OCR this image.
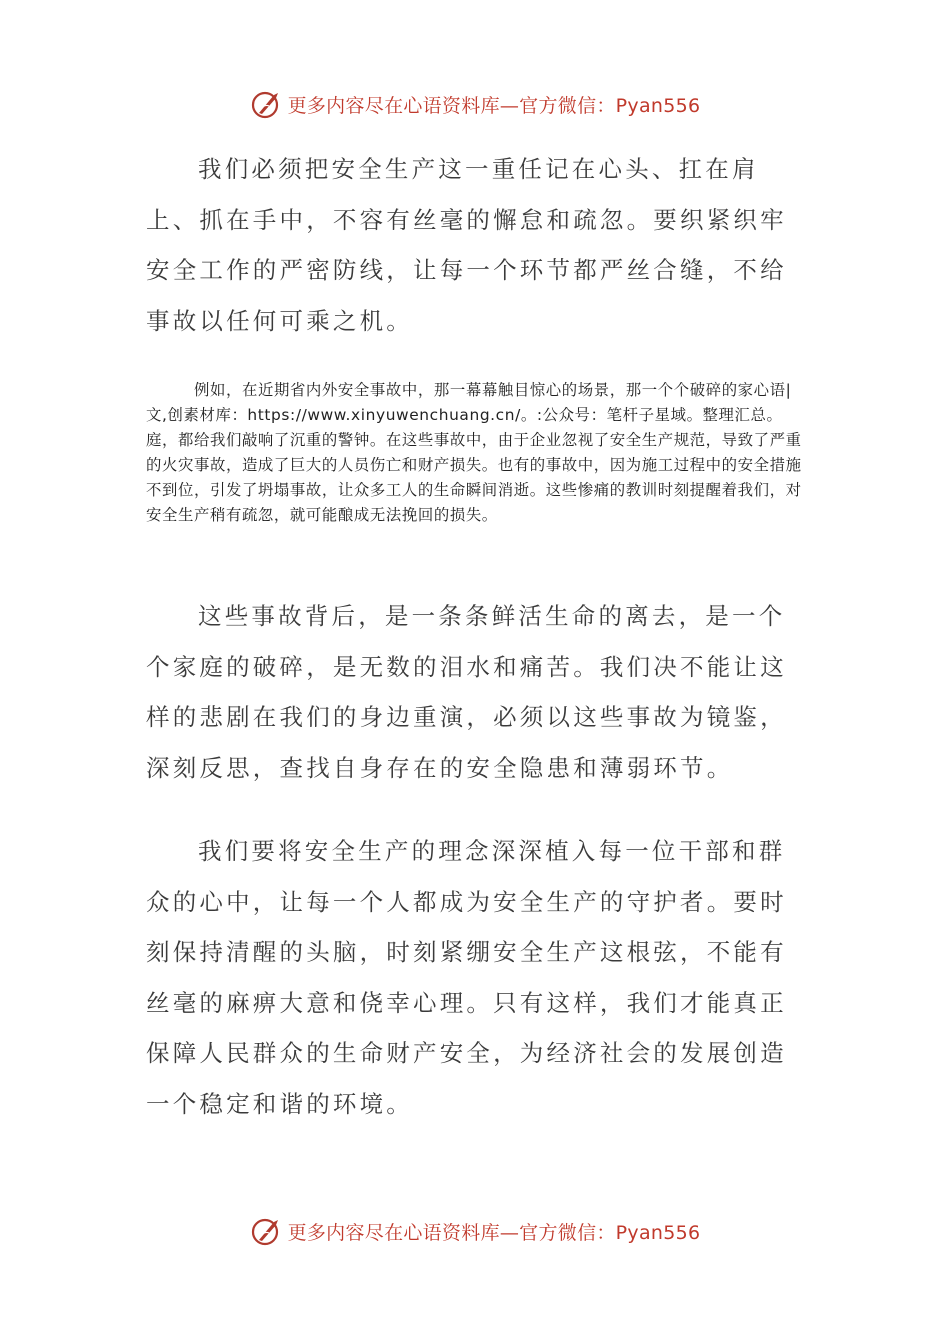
更多内容尽在心语资料库—官方微信：Pyan556

我们必须把安全生产这一重任记在心头、扛在肩上、抓在手中，不容有丝毫的懈怠和疏忽。要织紧织牢安全工作的严密防线，让每一个环节都严丝合缝，不给事故以任何可乘之机。

例如，在近期省内外安全事故中，那一幕幕触目惊心的场景，那一个个破碎的家心语|文,创素材库：https://www.xinyuwenchuang.cn/。:公众号：笔杆子星域。整理汇总。庭，都给我们敲响了沉重的警钟。在这些事故中，由于企业忽视了安全生产规范，导致了严重的火灾事故，造成了巨大的人员伤亡和财产损失。也有的事故中，因为施工过程中的安全措施不到位，引发了坍塌事故，让众多工人的生命瞬间消逝。这些惨痛的教训时刻提醒着我们，对安全生产稍有疏忽，就可能酿成无法挽回的损失。

这些事故背后，是一条条鲜活生命的离去，是一个个家庭的破碎，是无数的泪水和痛苦。我们决不能让这样的悲剧在我们的身边重演，必须以这些事故为镜鉴，深刻反思，查找自身存在的安全隐患和薄弱环节。

我们要将安全生产的理念深深植入每一位干部和群众的心中，让每一个人都成为安全生产的守护者。要时刻保持清醒的头脑，时刻紧绷安全生产这根弦，不能有丝毫的麻痹大意和侥幸心理。只有这样，我们才能真正保障人民群众的生命财产安全，为经济社会的发展创造一个稳定和谐的环境。

更多内容尽在心语资料库—官方微信：Pyan556
